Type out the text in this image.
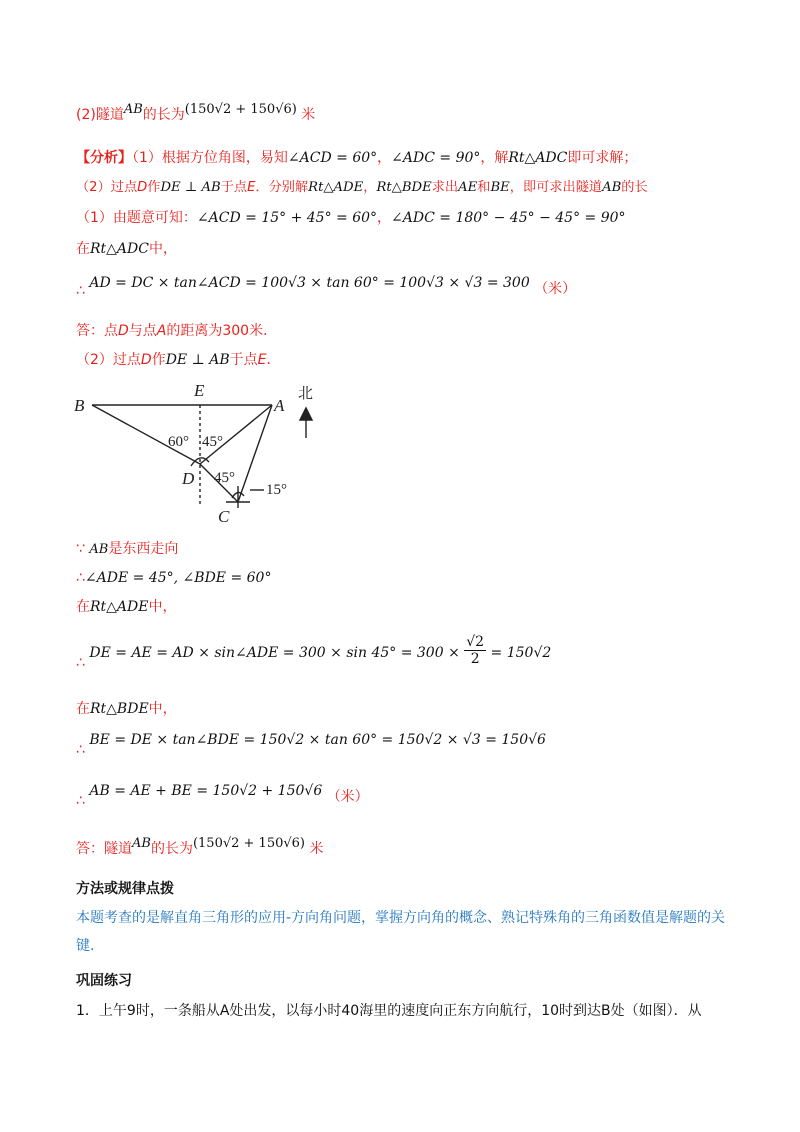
(2)隧道AB的长为(150√2 + 150√6) 米
【分析】（1）根据方位角图，易知∠ACD = 60°，∠ADC = 90°，解Rt△ADC即可求解；
（2）过点D作DE ⊥ AB于点E．分别解Rt△ADE，Rt△BDE求出AE和BE，即可求出隧道AB的长
（1）由题意可知：∠ACD = 15° + 45° = 60°，∠ADC = 180° − 45° − 45° = 90°
在Rt△ADC中，
∴ AD = DC × tan∠ACD = 100√3 × tan 60° = 100√3 × √3 = 300 （米）
答：点D与点A的距离为300米．
（2）过点D作DE ⊥ AB于点E．
B
E
A
D
C
北
60° 45°
45°
15°
∵ AB是东西走向
∴∠ADE = 45°, ∠BDE = 60°
在Rt△ADE中，
∴ DE = AE = AD × sin∠ADE = $300 \times \sin 45^\circ = 300 \times \frac{√2}{2} = 150√2$
在Rt△BDE中，
∴ BE = DE × tan∠BDE = 150√2 × tan 60° = 150√2 × √3 = 150√6
∴ AB = AE + BE = 150√2 + 150√6 （米）
答：隧道AB的长为(150√2 + 150√6) 米
方法或规律点拨
本题考查的是解直角三角形的应用-方向角问题，掌握方向角的概念、熟记特殊角的三角函数值是解题的关键.
巩固练习
1．上午9时，一条船从A处出发，以每小时40海里的速度向正东方向航行，10时到达B处（如图）．从
